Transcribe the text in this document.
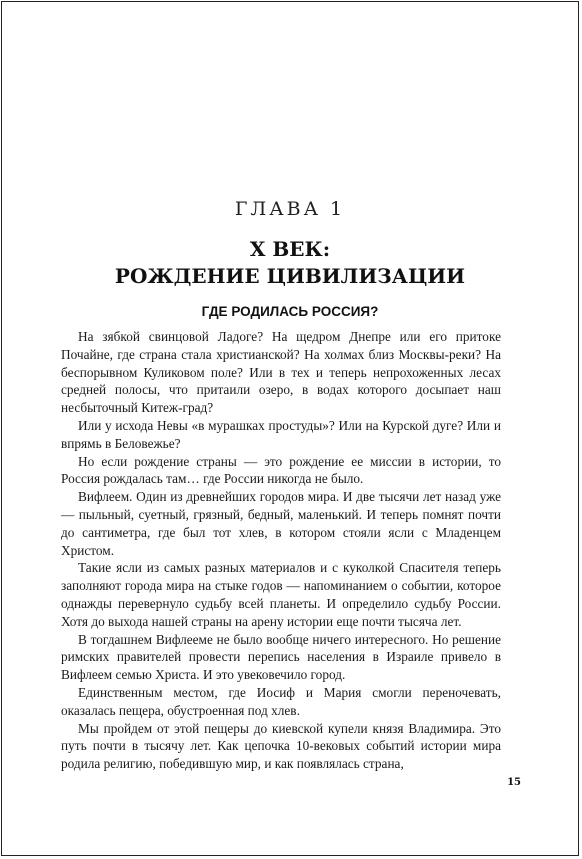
ГЛАВА 1
X ВЕК:
РОЖДЕНИЕ ЦИВИЛИЗАЦИИ
ГДЕ РОДИЛАСЬ РОССИЯ?

На зябкой свинцовой Ладоге? На щедром Днепре или его притоке Почайне, где страна стала христианской? На холмах близ Москвы-реки? На беспорывном Куликовом поле? Или в тех и теперь непрохоженных лесах средней полосы, что притаили озеро, в водах которого досыпает наш несбыточный Китеж-град?

Или у исхода Невы «в мурашках простуды»? Или на Курской дуге? Или и впрямь в Беловежье?

Но если рождение страны — это рождение ее миссии в истории, то Россия рождалась там… где России никогда не было.

Вифлеем. Один из древнейших городов мира. И две тысячи лет назад уже — пыльный, суетный, грязный, бедный, маленький. И теперь помнят почти до сантиметра, где был тот хлев, в котором стояли ясли с Младенцем Христом.

Такие ясли из самых разных материалов и с куколкой Спасителя теперь заполняют города мира на стыке годов — напоминанием о событии, которое однажды перевернуло судьбу всей планеты. И определило судьбу России. Хотя до выхода нашей страны на арену истории еще почти тысяча лет.

В тогдашнем Вифлееме не было вообще ничего интересного. Но решение римских правителей провести перепись населения в Израиле привело в Вифлеем семью Христа. И это увековечило город.

Единственным местом, где Иосиф и Мария смогли переночевать, оказалась пещера, обустроенная под хлев.

Мы пройдем от этой пещеры до киевской купели князя Владимира. Это путь почти в тысячу лет. Как цепочка 10-вековых событий истории мира родила религию, победившую мир, и как появлялась страна,

15
